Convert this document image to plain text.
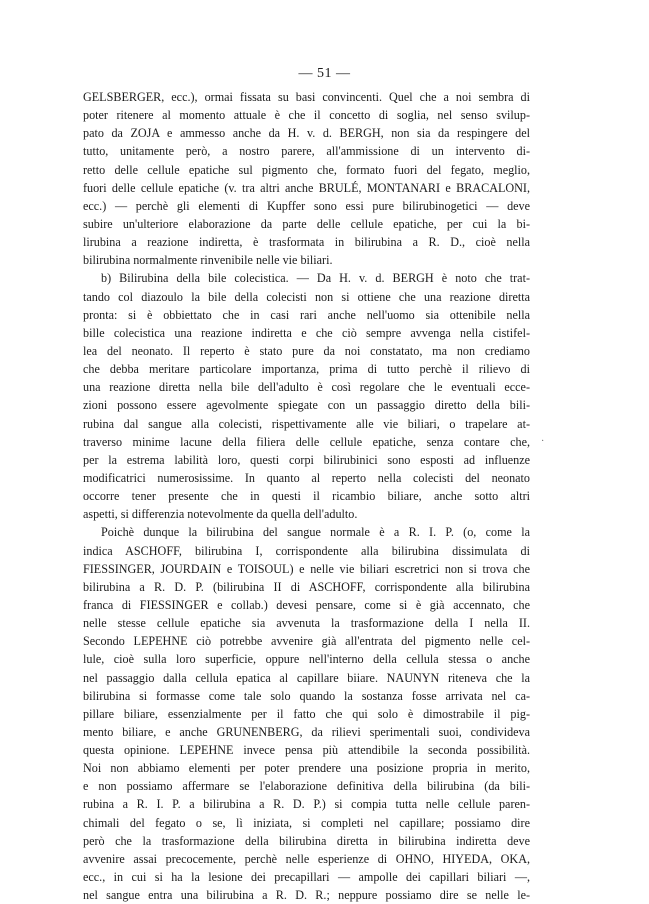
— 51 —
GELSBERGER, ecc.), ormai fissata su basi convincenti. Quel che a noi sembra di
poter ritenere al momento attuale è che il concetto di soglia, nel senso svilup-
pato da ZOJA e ammesso anche da H. v. d. BERGH, non sia da respingere del
tutto, unitamente però, a nostro parere, all'ammissione di un intervento di-
retto delle cellule epatiche sul pigmento che, formato fuori del fegato, meglio,
fuori delle cellule epatiche (v. tra altri anche BRULÉ, MONTANARI e BRACALONI,
ecc.) — perchè gli elementi di Kupffer sono essi pure bilirubinogetici — deve
subire un'ulteriore elaborazione da parte delle cellule epatiche, per cui la bi-
lirubina a reazione indiretta, è trasformata in bilirubina a R. D., cioè nella
bilirubina normalmente rinvenibile nelle vie biliari.
b) Bilirubina della bile colecistica. — Da H. v. d. BERGH è noto che trat-
tando col diazoulo la bile della colecisti non si ottiene che una reazione diretta
pronta: si è obbiettato che in casi rari anche nell'uomo sia ottenibile nella
bille colecistica una reazione indiretta e che ciò sempre avvenga nella cistifel-
lea del neonato. Il reperto è stato pure da noi constatato, ma non crediamo
che debba meritare particolare importanza, prima di tutto perchè il rilievo di
una reazione diretta nella bile dell'adulto è così regolare che le eventuali ecce-
zioni possono essere agevolmente spiegate con un passaggio diretto della bili-
rubina dal sangue alla colecisti, rispettivamente alle vie biliari, o trapelare at-
traverso minime lacune della filiera delle cellule epatiche, senza contare che,
per la estrema labilità loro, questi corpi bilirubinici sono esposti ad influenze
modificatrici numerosissime. In quanto al reperto nella colecisti del neonato
occorre tener presente che in questi il ricambio biliare, anche sotto altri
aspetti, si differenzia notevolmente da quella dell'adulto.
Poichè dunque la bilirubina del sangue normale è a R. I. P. (o, come la
indica ASCHOFF, bilirubina I, corrispondente alla bilirubina dissimulata di
FIESSINGER, JOURDAIN e TOISOUL) e nelle vie biliari escretrici non si trova che
bilirubina a R. D. P. (bilirubina II di ASCHOFF, corrispondente alla bilirubina
franca di FIESSINGER e collab.) devesi pensare, come si è già accennato, che
nelle stesse cellule epatiche sia avvenuta la trasformazione della I nella II.
Secondo LEPEHNE ciò potrebbe avvenire già all'entrata del pigmento nelle cel-
lule, cioè sulla loro superficie, oppure nell'interno della cellula stessa o anche
nel passaggio dalla cellula epatica al capillare biiare. NAUNYN riteneva che la
bilirubina si formasse come tale solo quando la sostanza fosse arrivata nel ca-
pillare biliare, essenzialmente per il fatto che qui solo è dimostrabile il pig-
mento biliare, e anche GRUNENBERG, da rilievi sperimentali suoi, condivideva
questa opinione. LEPEHNE invece pensa più attendibile la seconda possibilità.
Noi non abbiamo elementi per poter prendere una posizione propria in merito,
e non possiamo affermare se l'elaborazione definitiva della bilirubina (da bili-
rubina a R. I. P. a bilirubina a R. D. P.) si compia tutta nelle cellule paren-
chimali del fegato o se, lì iniziata, si completi nel capillare; possiamo dire
però che la trasformazione della bilirubina diretta in bilirubina indiretta deve
avvenire assai precocemente, perchè nelle esperienze di OHNO, HIYEDA, OKA,
ecc., in cui si ha la lesione dei precapillari — ampolle dei capillari biliari —,
nel sangue entra una bilirubina a R. D. R.; neppure possiamo dire se nelle le-
·
